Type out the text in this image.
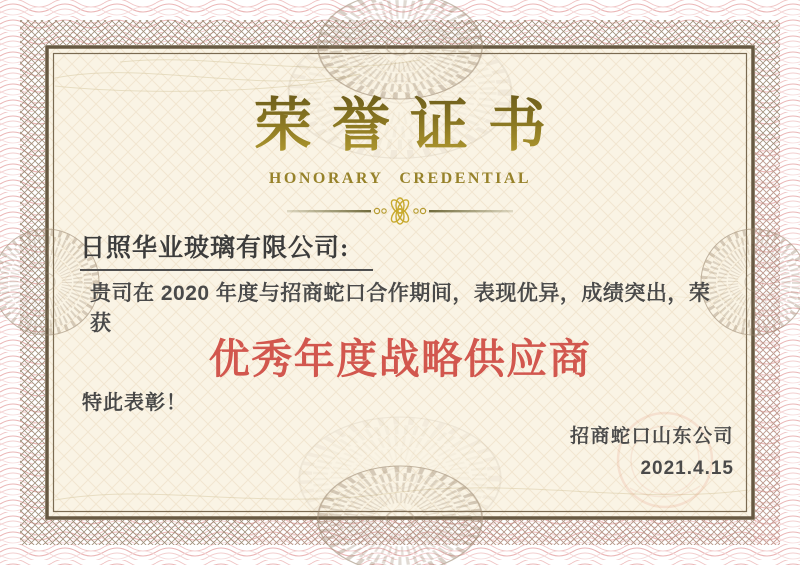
荣誉证书
HONORARY CREDENTIAL
日照华业玻璃有限公司:
贵司在 2020 年度与招商蛇口合作期间，表现优异，成绩突出，荣获
优秀年度战略供应商
特此表彰！
招商蛇口山东公司
2021.4.15
